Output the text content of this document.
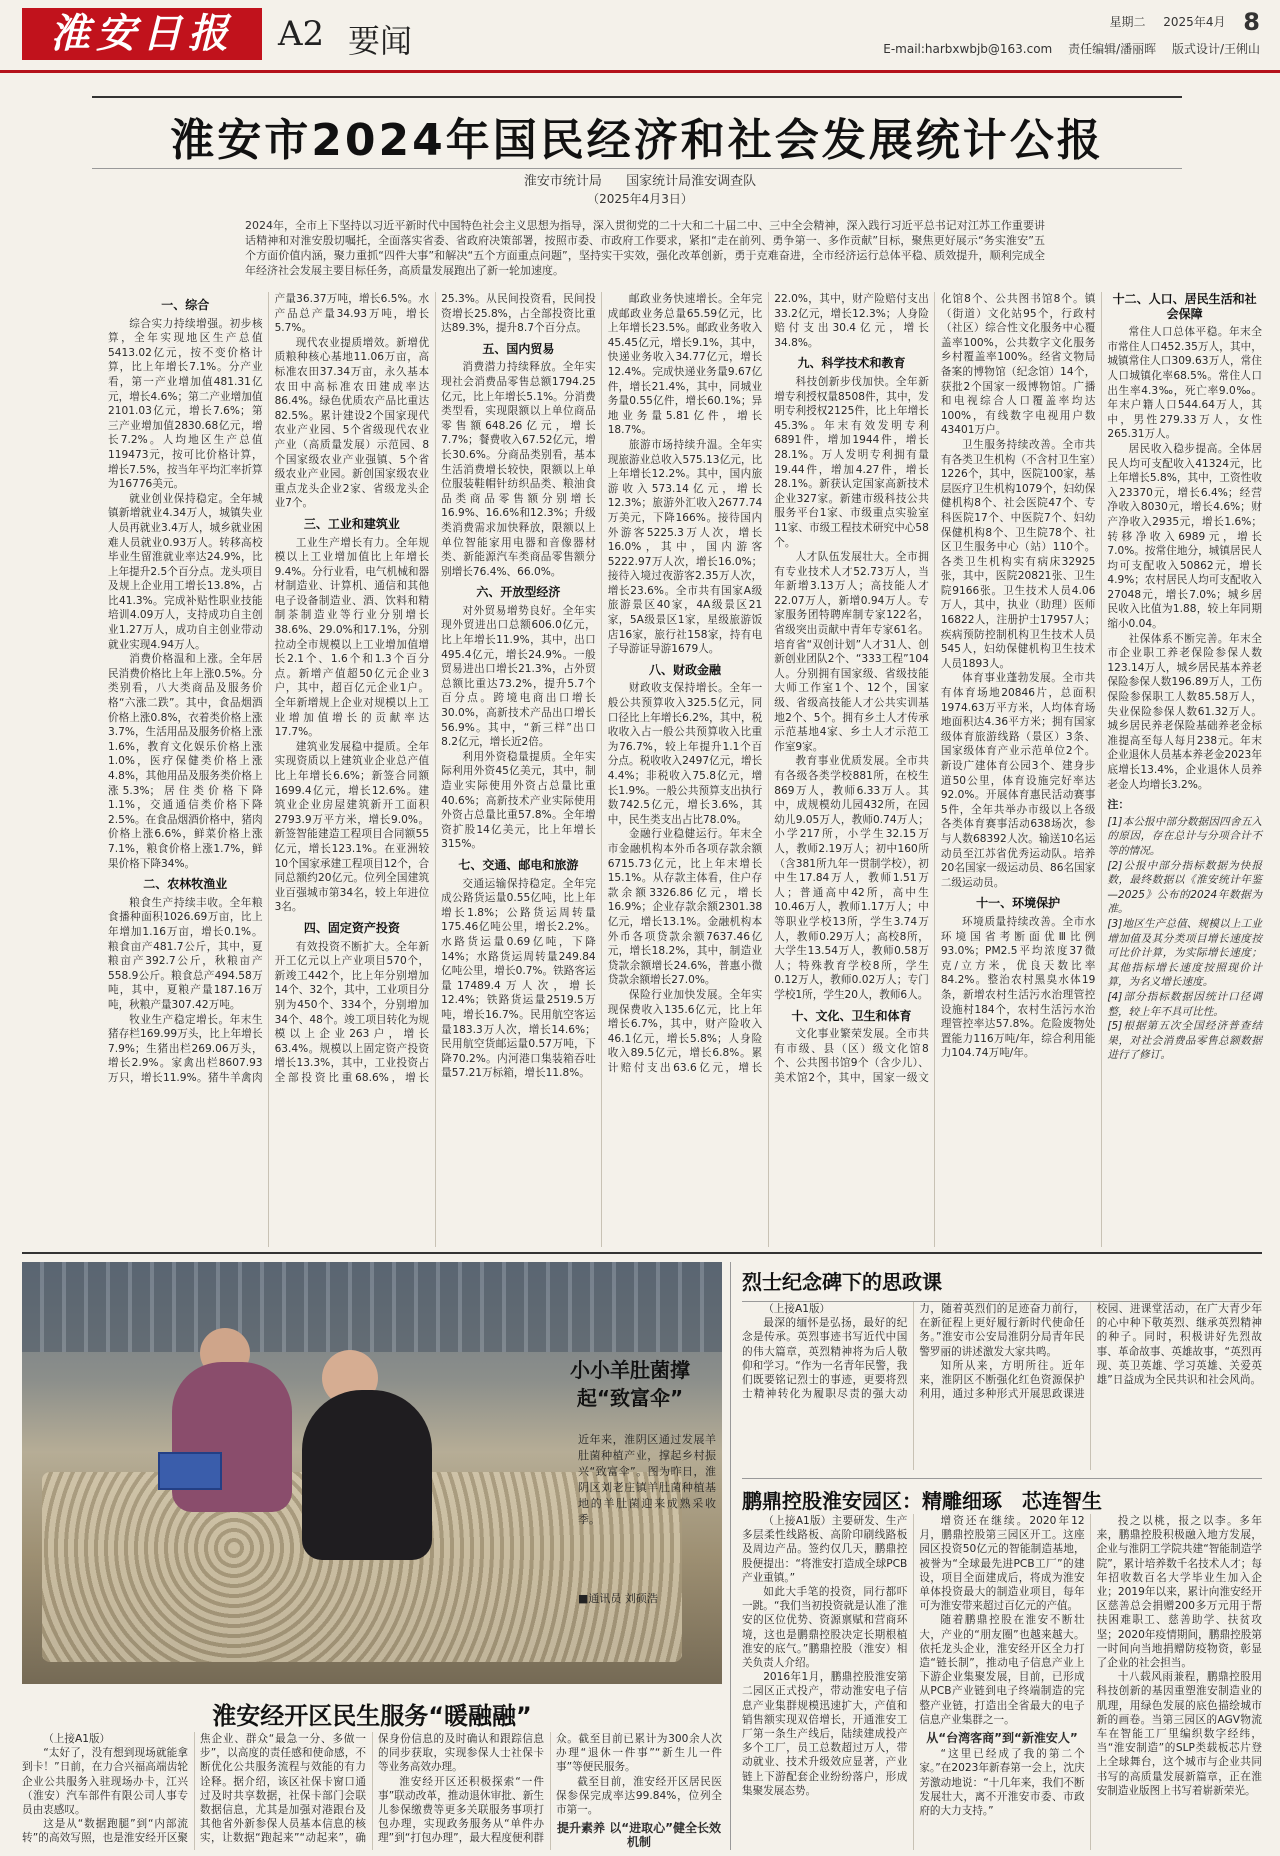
淮安日报	A2 要闻
星期二 2025年4月 8
E-mail:harbxwbjb@163.com 责任编辑/潘丽晖 版式设计/王俐山
淮安市2024年国民经济和社会发展统计公报
淮安市统计局 国家统计局淮安调查队
（2025年4月3日）
2024年，全市上下坚持以习近平新时代中国特色社会主义思想为指导，深入贯彻党的二十大和二十届二中、三中全会精神，深入践行习近平总书记对江苏工作重要讲话精神和对淮安殷切嘱托，全面落实省委、省政府决策部署，按照市委、市政府工作要求，紧扣“走在前列、勇争第一、多作贡献”目标，聚焦更好展示“务实淮安”五个方面价值内涵，聚力重抓“四件大事”和解决“五个方面重点问题”，坚持实干实效，强化改革创新，勇于克难奋进，全市经济运行总体平稳、质效提升，顺利完成全年经济社会发展主要目标任务，高质量发展跑出了新一轮加速度。
一、综合

综合实力持续增强。初步核算，全年实现地区生产总值5413.02亿元，按不变价格计算，比上年增长7.1%。分产业看，第一产业增加值481.31亿元，增长4.6%；第二产业增加值2101.03亿元，增长7.6%；第三产业增加值2830.68亿元，增长7.2%。人均地区生产总值119473元，按可比价格计算，增长7.5%，按当年平均汇率折算为16776美元。

就业创业保持稳定。全年城镇新增就业4.34万人，城镇失业人员再就业3.4万人，城乡就业困难人员就业0.93万人。转移高校毕业生留淮就业率达24.9%，比上年提升2.5个百分点。龙头项目及规上企业用工增长13.8%，占比41.3%。完成补贴性职业技能培训4.09万人，支持成功自主创业1.27万人，成功自主创业带动就业实现4.94万人。

消费价格温和上涨。全年居民消费价格比上年上涨0.5%。分类别看，八大类商品及服务价格“六涨二跌”。其中，食品烟酒价格上涨0.8%，衣着类价格上涨3.7%，生活用品及服务价格上涨1.6%，教育文化娱乐价格上涨1.0%，医疗保健类价格上涨4.8%，其他用品及服务类价格上涨5.3%；居住类价格下降1.1%，交通通信类价格下降2.5%。在食品烟酒价格中，猪肉价格上涨6.6%，鲜菜价格上涨7.1%，粮食价格上涨1.7%，鲜果价格下降34%。

二、农林牧渔业

粮食生产持续丰收。全年粮食播种面积1026.69万亩，比上年增加1.16万亩，增长0.1%。粮食亩产481.7公斤，其中，夏粮亩产392.7公斤，秋粮亩产558.9公斤。粮食总产494.58万吨，其中，夏粮产量187.16万吨，秋粮产量307.42万吨。

牧业生产稳定增长。年末生猪存栏169.99万头，比上年增长7.9%；生猪出栏269.06万头，增长2.9%。家禽出栏8607.93万只，增长11.9%。猪牛羊禽肉产量36.37万吨，增长6.5%。水产品总产量34.93万吨，增长5.7%。

现代农业提质增效。新增优质粮种核心基地11.06万亩，高标准农田37.34万亩，永久基本农田中高标准农田建成率达86.4%。绿色优质农产品比重达82.5%。累计建设2个国家现代农业产业园、5个省级现代农业产业（高质量发展）示范园、8个国家级农业产业强镇、5个省级农业产业园。新创国家级农业重点龙头企业2家、省级龙头企业7个。

三、工业和建筑业

工业生产增长有力。全年规模以上工业增加值比上年增长9.4%。分行业看，电气机械和器材制造业、计算机、通信和其他电子设备制造业、酒、饮料和精制茶制造业等行业分别增长38.6%、29.0%和17.1%，分别拉动全市规模以上工业增加值增长2.1个、1.6个和1.3个百分点。新增产值超50亿元企业3户，其中，超百亿元企业1户。全年新增规上企业对规模以上工业增加值增长的贡献率达17.7%。

建筑业发展稳中提质。全年实现资质以上建筑业企业总产值比上年增长6.6%；新签合同额1699.4亿元，增长12.6%。建筑业企业房屋建筑新开工面积2793.9万平方米，增长9.0%。新签智能建造工程项目合同额55亿元，增长123.1%。在亚洲较10个国家承建工程项目12个，合同总额约20亿元。位列全国建筑业百强城市第34名，较上年进位3名。

四、固定资产投资

有效投资不断扩大。全年新开工亿元以上产业项目570个，新竣工442个，比上年分别增加14个、32个，其中，工业项目分别为450个、334个，分别增加34个、48个。竣工项目转化为规模以上企业263户，增长63.4%。规模以上固定资产投资增长13.3%，其中，工业投资占全部投资比重68.6%，增长25.3%。从民间投资看，民间投资增长25.8%，占全部投资比重达89.3%，提升8.7个百分点。

五、国内贸易

消费潜力持续释放。全年实现社会消费品零售总额1794.25亿元，比上年增长5.1%。分消费类型看，实现限额以上单位商品零售额648.26亿元，增长7.7%；餐费收入67.52亿元，增长30.6%。分商品类别看，基本生活消费增长较快，限额以上单位服装鞋帽针纺织品类、粮油食品类商品零售额分别增长16.9%、16.6%和12.3%；升级类消费需求加快释放，限额以上单位智能家用电器和音像器材类、新能源汽车类商品零售额分别增长76.4%、66.0%。

六、开放型经济

对外贸易增势良好。全年实现外贸进出口总额606.0亿元，比上年增长11.9%，其中，出口495.4亿元，增长24.9%。一般贸易进出口增长21.3%，占外贸总额比重达73.2%，提升5.7个百分点。跨境电商出口增长30.0%，高新技术产品出口增长56.9%。其中，“新三样”出口8.2亿元，增长近2倍。

利用外资稳量提质。全年实际利用外资45亿美元，其中，制造业实际使用外资占总量比重40.6%；高新技术产业实际使用外资占总量比重57.8%。全年增资扩股14亿美元，比上年增长315%。

七、交通、邮电和旅游

交通运输保持稳定。全年完成公路货运量0.55亿吨，比上年增长1.8%；公路货运周转量175.46亿吨公里，增长2.2%。水路货运量0.69亿吨，下降14%；水路货运周转量249.84亿吨公里，增长0.7%。铁路客运量17489.4万人次，增长12.4%；铁路货运量2519.5万吨，增长16.7%。民用航空客运量183.3万人次，增长14.6%；民用航空货邮运量0.57万吨，下降70.2%。内河港口集装箱吞吐量57.21万标箱，增长11.8%。

邮政业务快速增长。全年完成邮政业务总量65.59亿元，比上年增长23.5%。邮政业务收入45.45亿元，增长9.1%，其中，快递业务收入34.77亿元，增长12.4%。完成快递业务量9.67亿件，增长21.4%，其中，同城业务量0.55亿件，增长60.1%；异地业务量5.81亿件，增长18.7%。

旅游市场持续升温。全年实现旅游业总收入575.13亿元，比上年增长12.2%。其中，国内旅游收入573.14亿元，增长12.3%；旅游外汇收入2677.74万美元，下降166%。接待国内外游客5225.3万人次，增长16.0%，其中，国内游客5222.97万人次，增长16.0%；接待入境过夜游客2.35万人次，增长23.6%。全市共有国家A级旅游景区40家，4A级景区21家，5A级景区1家，星级旅游饭店16家，旅行社158家，持有电子导游证导游1679人。

八、财政金融

财政收支保持增长。全年一般公共预算收入325.5亿元，同口径比上年增长6.2%，其中，税收收入占一般公共预算收入比重为76.7%，较上年提升1.1个百分点。税收收入2497亿元，增长4.4%；非税收入75.8亿元，增长1.9%。一般公共预算支出执行数742.5亿元，增长3.6%，其中，民生类支出占比78.0%。

金融行业稳健运行。年末全市金融机构本外币各项存款余额6715.73亿元，比上年末增长15.1%。从存款主体看，住户存款余额3326.86亿元，增长16.9%；企业存款余额2301.38亿元，增长13.1%。金融机构本外币各项贷款余额7637.46亿元，增长18.2%，其中，制造业贷款余额增长24.6%，普惠小微贷款余额增长27.0%。

保险行业加快发展。全年实现保费收入135.6亿元，比上年增长6.7%，其中，财产险收入46.1亿元，增长5.8%；人身险收入89.5亿元，增长6.8%。累计赔付支出63.6亿元，增长22.0%，其中，财产险赔付支出33.2亿元，增长12.3%；人身险赔付支出30.4亿元，增长34.8%。

九、科学技术和教育

科技创新步伐加快。全年新增专利授权量8508件，其中，发明专利授权2125件，比上年增长45.3%。年末有效发明专利6891件，增加1944件，增长28.1%。万人发明专利拥有量19.44件，增加4.27件，增长28.1%。新获认定国家高新技术企业327家。新建市级科技公共服务平台1家、市级重点实验室11家、市级工程技术研究中心58个。

人才队伍发展壮大。全市拥有专业技术人才52.73万人，当年新增3.13万人；高技能人才22.07万人，新增0.94万人。专家服务团特聘库制专家122名，省级突出贡献中青年专家61名。培育省“双创计划”人才31人、创新创业团队2个、“333工程”104人。分别拥有国家级、省级技能大师工作室1个、12个，国家级、省级高技能人才公共实训基地2个、5个。拥有乡土人才传承示范基地4家、乡土人才示范工作室9家。

教育事业优质发展。全市共有各级各类学校881所，在校生869万人，教师6.33万人。其中，成规模幼儿园432所，在园幼儿9.05万人，教师0.74万人；小学217所，小学生32.15万人，教师2.19万人；初中160所（含381所九年一贯制学校），初中生17.84万人，教师1.51万人；普通高中42所，高中生10.46万人，教师1.17万人；中等职业学校13所，学生3.74万人，教师0.29万人；高校8所，大学生13.54万人，教师0.58万人；特殊教育学校8所，学生0.12万人，教师0.02万人；专门学校1所，学生20人，教师6人。

十、文化、卫生和体育

文化事业繁荣发展。全市共有市级、县（区）级文化馆8个、公共图书馆9个（含少儿）、美术馆2个，其中，国家一级文化馆8个、公共图书馆8个。镇（街道）文化站95个，行政村（社区）综合性文化服务中心覆盖率100%，公共数字文化服务乡村覆盖率100%。经省文物局备案的博物馆（纪念馆）14个，获批2个国家一级博物馆。广播和电视综合人口覆盖率均达100%，有线数字电视用户数43401万户。

卫生服务持续改善。全市共有各类卫生机构（不含村卫生室）1226个，其中，医院100家，基层医疗卫生机构1079个，妇幼保健机构8个、社会医院47个、专科医院17个、中医院7个、妇幼保健机构8个、卫生院78个、社区卫生服务中心（站）110个。各类卫生机构实有病床32925张，其中，医院20821张、卫生院9166张。卫生技术人员4.06万人，其中，执业（助理）医师16822人，注册护士17957人；疾病预防控制机构卫生技术人员545人，妇幼保健机构卫生技术人员1893人。

体育事业蓬勃发展。全市共有体育场地20846片，总面积1974.63万平方米，人均体育场地面积达4.36平方米；拥有国家级体育旅游线路（景区）3条、国家级体育产业示范单位2个。新设广建体育公园3个、建身步道50公里，体育设施完好率达92.0%。开展体育惠民活动赛事5件，全年共举办市级以上各级各类体育赛事活动638场次，参与人数68392人次。输送10名运动员至江苏省优秀运动队。培养20名国家一级运动员、86名国家二级运动员。

十一、环境保护

环境质量持续改善。全市水环境国省考断面优Ⅲ比例93.0%；PM2.5平均浓度37微克/立方米，优良天数比率84.2%。整治农村黑臭水体19条，新增农村生活污水治理管控设施村184个，农村生活污水治理管控率达57.8%。危险废物处置能力116万吨/年，综合利用能力104.74万吨/年。

十二、人口、居民生活和社会保障

常住人口总体平稳。年末全市常住人口452.35万人，其中，城镇常住人口309.63万人，常住人口城镇化率68.5%。常住人口出生率4.3‰，死亡率9.0‰。年末户籍人口544.64万人，其中，男性279.33万人，女性265.31万人。

居民收入稳步提高。全体居民人均可支配收入41324元，比上年增长5.8%，其中，工资性收入23370元，增长6.4%；经营净收入8030元，增长4.6%；财产净收入2935元，增长1.6%；转移净收入6989元，增长7.0%。按常住地分，城镇居民人均可支配收入50862元，增长4.9%；农村居民人均可支配收入27048元，增长7.0%；城乡居民收入比值为1.88，较上年同期缩小0.04。

社保体系不断完善。年末全市企业职工养老保险参保人数123.14万人，城乡居民基本养老保险参保人数196.89万人，工伤保险参保职工人数85.58万人，失业保险参保人数61.32万人。城乡居民养老保险基础养老金标准提高至每人每月238元。年末企业退休人员基本养老金2023年底增长13.4%，企业退休人员养老金人均增长3.2%。

注：

[1]本公报中部分数据因四舍五入的原因，存在总计与分项合计不等的情况。

[2]公报中部分指标数据为快报数，最终数据以《淮安统计年鉴—2025》公布的2024年数据为准。

[3]地区生产总值、规模以上工业增加值及其分类项目增长速度按可比价计算，为实际增长速度；其他指标增长速度按照现价计算，为名义增长速度。

[4]部分指标数据因统计口径调整，较上年不具可比性。

[5]根据第五次全国经济普查结果，对社会消费品零售总额数据进行了修订。

小小羊肚菌撑起“致富伞”
近年来，淮阴区通过发展羊肚菌种植产业，撑起乡村振兴“致富伞”。图为昨日，淮阴区刘老庄镇羊肚菌种植基地的羊肚菌迎来成熟采收季。
■通讯员 刘硕浩
淮安经开区民生服务“暖融融”

（上接A1版）

“太好了，没有想到现场就能拿到卡！”日前，在力合兴福高端齿轮企业公共服务入驻现场办卡，江兴（淮安）汽车部件有限公司人事专员由衷感叹。

这是从“数据跑腿”到“内部流转”的高效写照，也是淮安经开区聚焦企业、群众“最急一分、多做一步”，以高度的责任感和使命感，不断优化公共服务流程与效能的有力诠释。据介绍，该区社保卡窗口通过及时共享数据，社保卡部门会联数据信息，尤其是加强对港跟台及其他省外新参保人员基本信息的核实，让数据“跑起来”“动起来”，确保身份信息的及时确认和跟踪信息的同步获取，实现参保人士社保卡等业务高效办理。

淮安经开区还积极探索“一件事”联动改革，推动退休审批、新生儿参保缴费等更多关联服务事项打包办理，实现政务服务从“单件办理”到“打包办理”，最大程度便利群众。截至目前已累计为300余人次办理“退休一件事”“新生儿一件事”等便民服务。

截至目前，淮安经开区居民医保参保完成率达99.84%，位列全市第一。

提升素养 以“进取心”健全长效机制

烈士纪念碑下的思政课

（上接A1版）

最深的缅怀是弘扬，最好的纪念是传承。英烈事迹书写近代中国的伟大篇章，英烈精神将为后人敬仰和学习。“作为一名青年民警，我们既要铭记烈士的事迹，更要将烈士精神转化为履职尽责的强大动力，随着英烈们的足迹奋力前行，在新征程上更好履行新时代使命任务。”淮安市公安局淮阴分局青年民警罗丽的讲述激发大家共鸣。

知所从来，方明所往。近年来，淮阴区不断强化红色资源保护利用，通过多种形式开展思政课进校园、进课堂活动，在广大青少年的心中种下敬英烈、继承英烈精神的种子。同时，积极讲好先烈故事、革命故事、英雄故事，“英烈再现、英卫英雄、学习英雄、关爱英雄”日益成为全民共识和社会风尚。

鹏鼎控股淮安园区：精雕细琢　芯连智生

（上接A1版）主要研发、生产多层柔性线路板、高阶印刷线路板及周边产品。签约仅几天，鹏鼎控股便提出：“将淮安打造成全球PCB产业重镇。”

如此大手笔的投资，同行都吓一跳。“我们当初投资就是认准了淮安的区位优势、资源禀赋和营商环境，这也是鹏鼎控股决定长期根植淮安的底气。”鹏鼎控股（淮安）相关负责人介绍。

2016年1月，鹏鼎控股淮安第二园区正式投产，带动淮安电子信息产业集群规模迅速扩大，产值和销售额实现双倍增长，开通淮安工厂第一条生产线后，陆续建成投产多个工厂，员工总数超过万人，带动就业、技术升级效应显著，产业链上下游配套企业纷纷落户，形成集聚发展态势。

增资还在继续。2020年12月，鹏鼎控股第三园区开工。这座园区投资50亿元的智能制造基地，被誉为“全球最先进PCB工厂”的建设，项目全面建成后，将成为淮安单体投资最大的制造业项目，每年可为淮安带来超过百亿元的产值。

随着鹏鼎控股在淮安不断壮大，产业的“朋友圈”也越来越大。依托龙头企业，淮安经开区全力打造“链长制”，推动电子信息产业上下游企业集聚发展，目前，已形成从PCB产业链到电子终端制造的完整产业链，打造出全省最大的电子信息产业集群之一。

从“台湾客商”到“新淮安人”

“这里已经成了我的第二个家。”在2023年新春第一会上，沈庆芳激动地说：“十几年来，我们不断发展壮大，离不开淮安市委、市政府的大力支持。”

投之以桃，报之以李。多年来，鹏鼎控股积极融入地方发展，企业与淮阴工学院共建“智能制造学院”，累计培养数千名技术人才；每年招收数百名大学毕业生加入企业；2019年以来，累计向淮安经开区慈善总会捐赠200多万元用于帮扶困难职工、慈善助学、扶贫攻坚；2020年疫情期间，鹏鼎控股第一时间向当地捐赠防疫物资，彰显了企业的社会担当。

十八载风雨兼程，鹏鼎控股用科技创新的基因重塑淮安制造业的肌理，用绿色发展的底色描绘城市新的画卷。当第三园区的AGV物流车在智能工厂里编织数字经纬，当“淮安制造”的SLP类载板芯片登上全球舞台，这个城市与企业共同书写的高质量发展新篇章，正在淮安制造业版图上书写着崭新荣光。
